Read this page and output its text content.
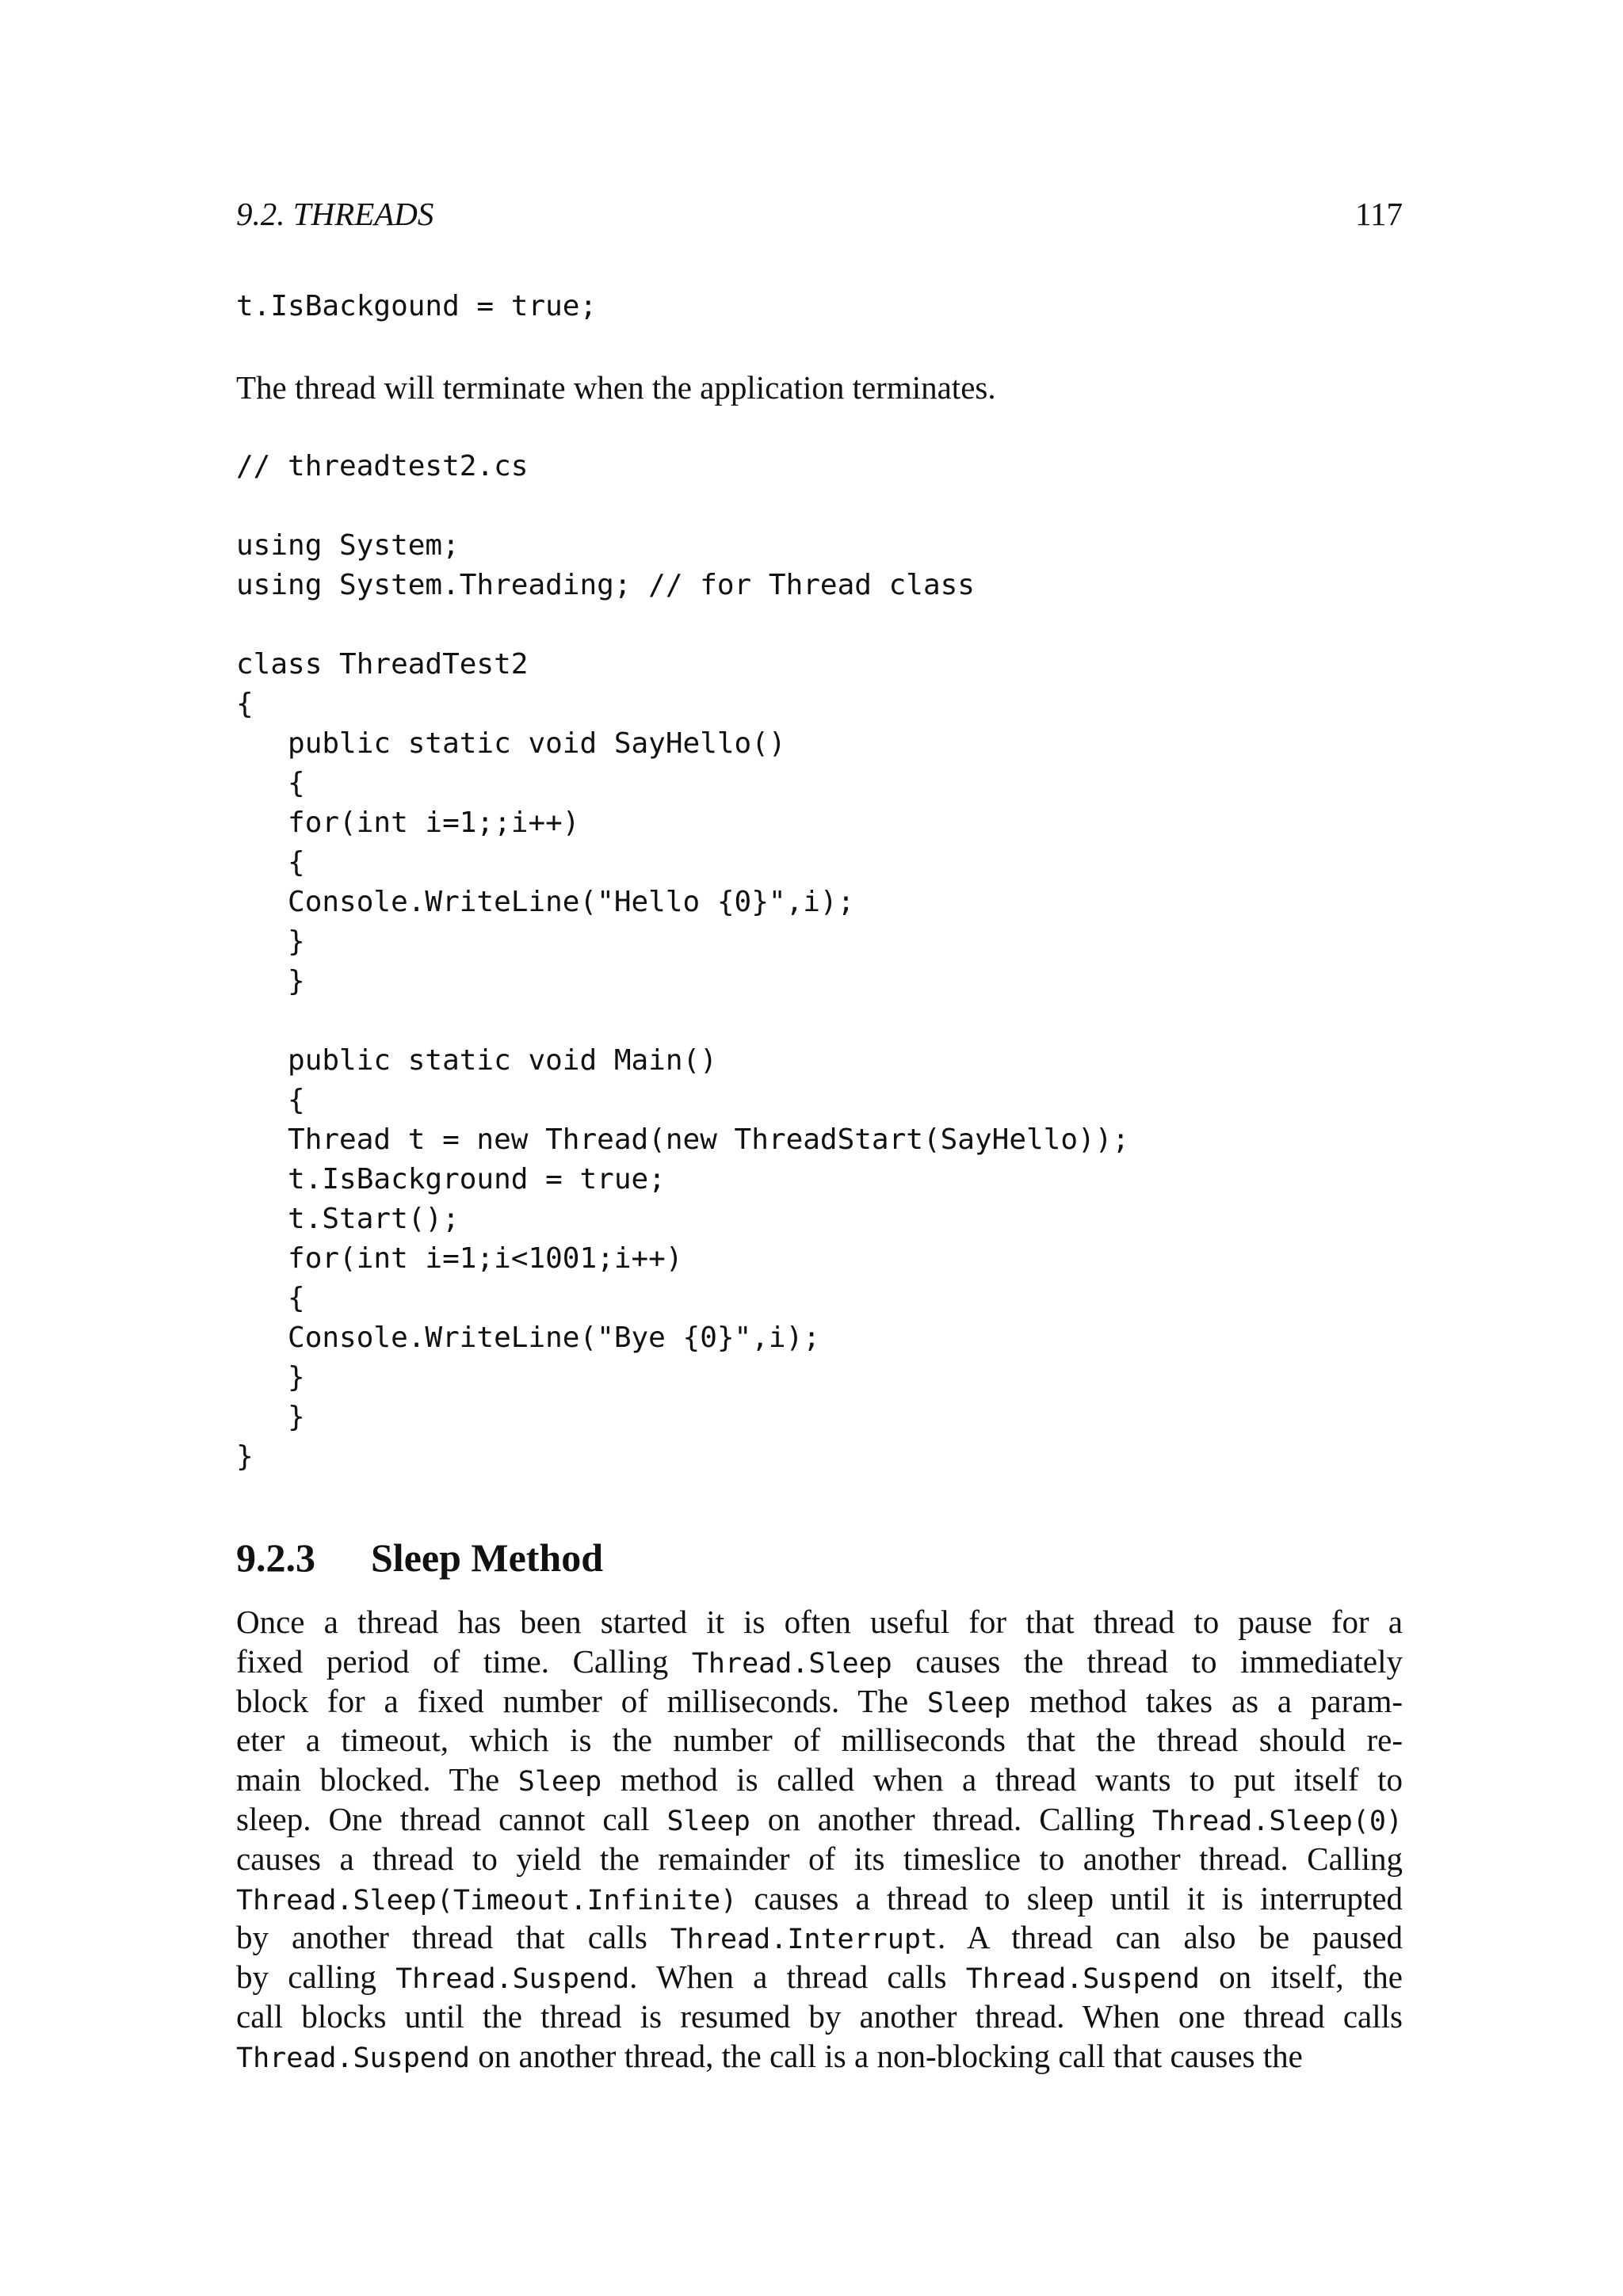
9.2. THREADS	117
t.IsBackgound = true;

The thread will terminate when the application terminates.

// threadtest2.cs

using System;
using System.Threading; // for Thread class

class ThreadTest2
{
public static void SayHello()
{
for(int i=1;;i++)
{
Console.WriteLine("Hello {0}",i);
}
}

public static void Main()
{
Thread t = new Thread(new ThreadStart(SayHello));
t.IsBackground = true;
t.Start();
for(int i=1;i<1001;i++)
{
Console.WriteLine("Bye {0}",i);
}
}
}
9.2.3 Sleep Method
Once a thread has been started it is often useful for that thread to pause for a
fixed period of time. Calling Thread.Sleep causes the thread to immediately
block for a fixed number of milliseconds. The Sleep method takes as a param-
eter a timeout, which is the number of milliseconds that the thread should re-
main blocked. The Sleep method is called when a thread wants to put itself to
sleep. One thread cannot call Sleep on another thread. Calling Thread.Sleep(0)
causes a thread to yield the remainder of its timeslice to another thread. Calling
Thread.Sleep(Timeout.Infinite) causes a thread to sleep until it is interrupted
by another thread that calls Thread.Interrupt. A thread can also be paused
by calling Thread.Suspend. When a thread calls Thread.Suspend on itself, the
call blocks until the thread is resumed by another thread. When one thread calls
Thread.Suspend on another thread, the call is a non-blocking call that causes the
